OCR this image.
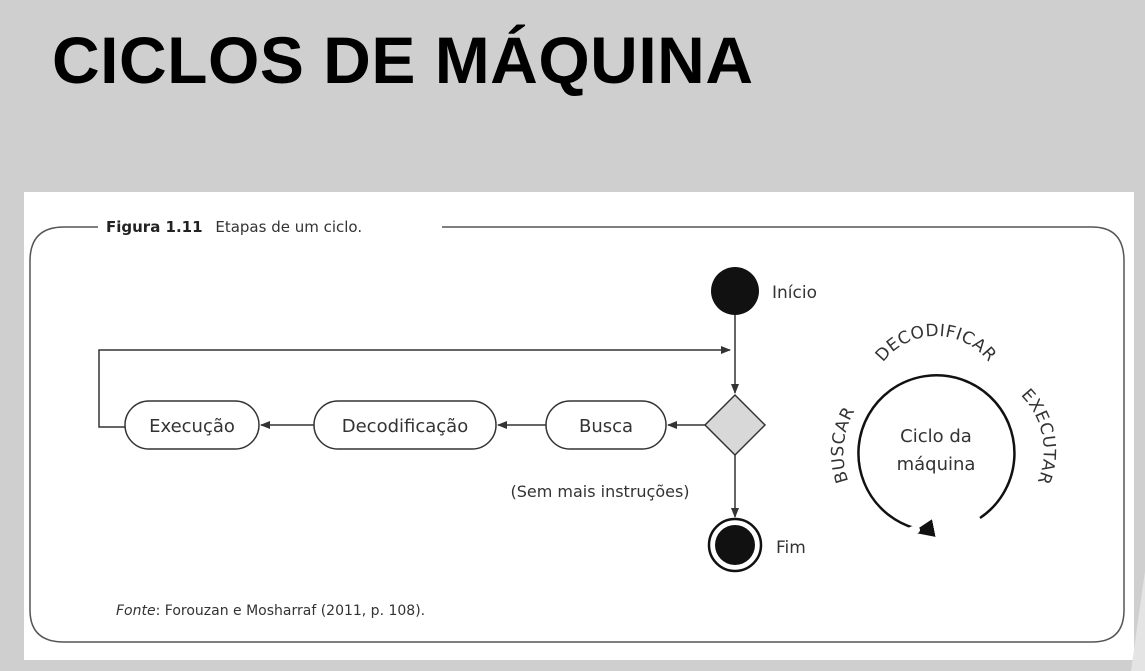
CICLOS DE MÁQUINA
Figura 1.11 Etapas de um ciclo.
Início
Busca
Decodificação
Execução
(Sem mais instruções)
Fim
Ciclo da
máquina
DECODIFICAR
BUSCAR
EXECUTAR
Fonte: Forouzan e Mosharraf (2011, p. 108).
